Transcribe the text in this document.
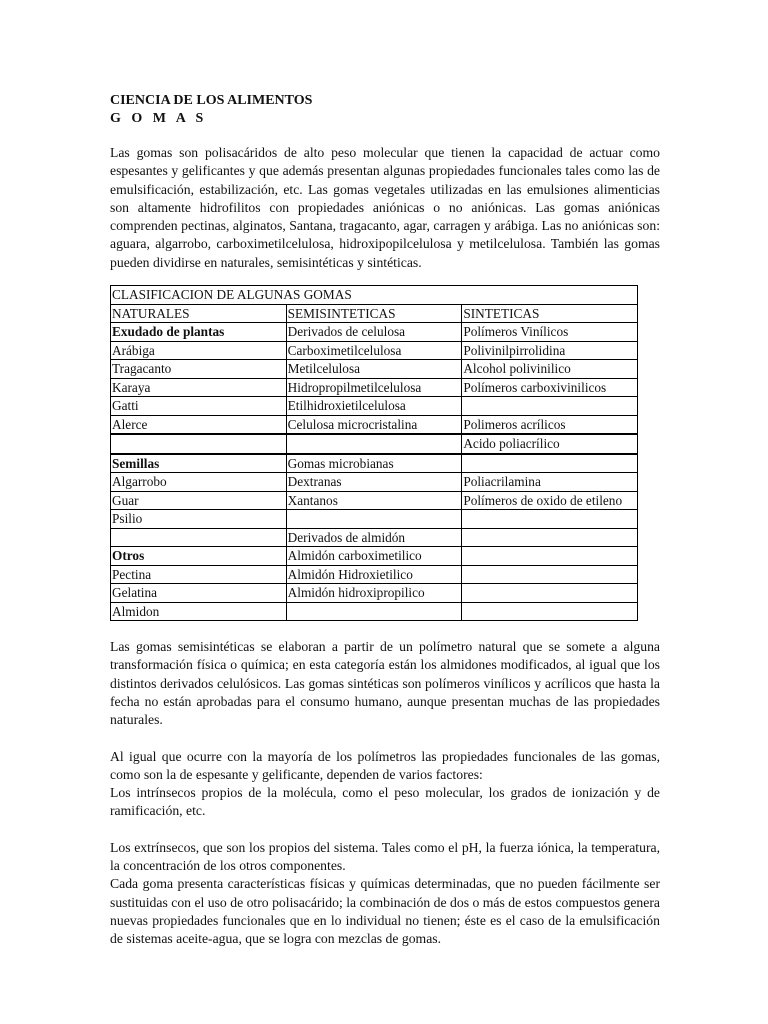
CIENCIA DE LOS ALIMENTOS
G O M A S

Las gomas son polisacáridos de alto peso molecular que tienen la capacidad de actuar como espesantes y gelificantes y que además presentan algunas propiedades funcionales tales como las de emulsificación, estabilización, etc. Las gomas vegetales utilizadas en las emulsiones alimenticias son altamente hidrofilitos con propiedades aniónicas o no aniónicas. Las gomas aniónicas comprenden pectinas, alginatos, Santana, tragacanto, agar, carragen y arábiga. Las no aniónicas son: aguara, algarrobo, carboximetilcelulosa, hidroxipopilcelulosa y metilcelulosa. También las gomas pueden dividirse en naturales, semisintéticas y sintéticas.

CLASIFICACION DE ALGUNAS GOMAS		
NATURALES	SEMISINTETICAS	SINTETICAS
Exudado de plantas	Derivados de celulosa	Polímeros Vinílicos
Arábiga	Carboximetilcelulosa	Polivinilpirrolidina
Tragacanto	Metilcelulosa	Alcohol polivinilico
Karaya	Hidropropilmetilcelulosa	Polímeros carboxivinilicos
Gatti	Etilhidroxietilcelulosa	
Alerce	Celulosa microcristalina	Polimeros acrílicos
		Acido poliacrílico
Semillas	Gomas microbianas	
Algarrobo	Dextranas	Poliacrilamina
Guar	Xantanos	Polímeros de oxido de etileno
Psilio		
	Derivados de almidón	
Otros	Almidón carboximetilico	
Pectina	Almidón Hidroxietilico	
Gelatina	Almidón hidroxipropilico	
Almidon		

Las gomas semisintéticas se elaboran a partir de un polímetro natural que se somete a alguna transformación física o química; en esta categoría están los almidones modificados, al igual que los distintos derivados celulósicos. Las gomas sintéticas son polímeros vinílicos y acrílicos que hasta la fecha no están aprobadas para el consumo humano, aunque presentan muchas de las propiedades naturales.

Al igual que ocurre con la mayoría de los polímetros las propiedades funcionales de las gomas, como son la de espesante y gelificante, dependen de varios factores:

Los intrínsecos propios de la molécula, como el peso molecular, los grados de ionización y de ramificación, etc.

Los extrínsecos, que son los propios del sistema. Tales como el pH, la fuerza iónica, la temperatura, la concentración de los otros componentes.

Cada goma presenta características físicas y químicas determinadas, que no pueden fácilmente ser sustituidas con el uso de otro polisacárido; la combinación de dos o más de estos compuestos genera nuevas propiedades funcionales que en lo individual no tienen; éste es el caso de la emulsificación de sistemas aceite-agua, que se logra con mezclas de gomas.
